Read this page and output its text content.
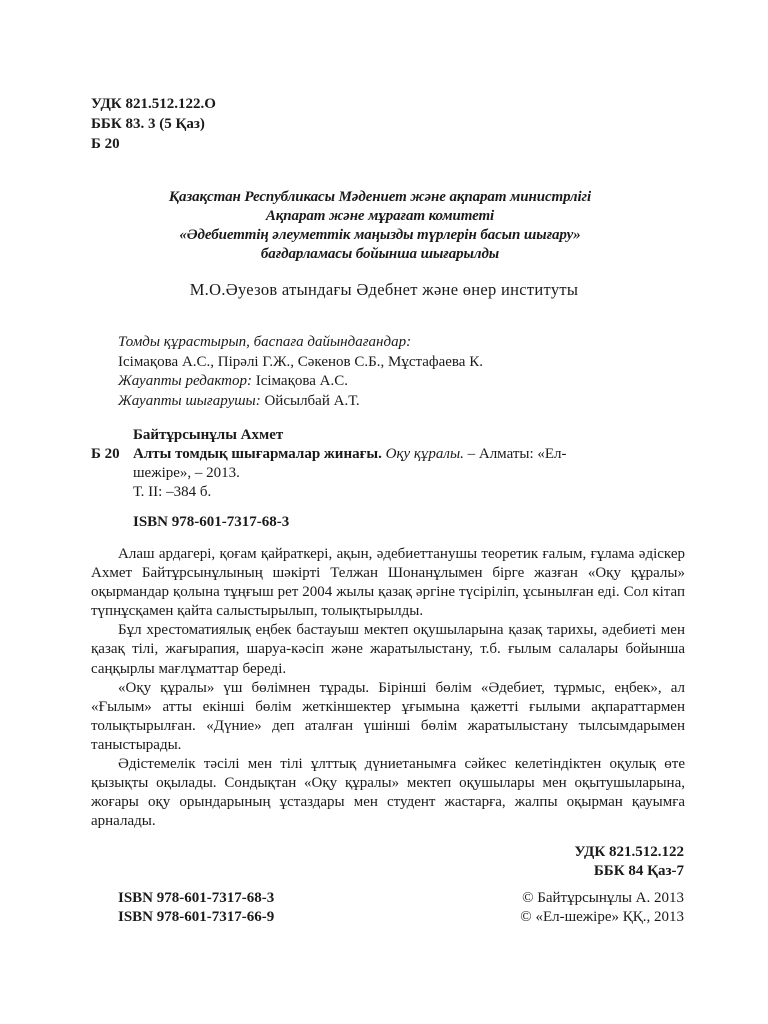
УДК 821.512.122.О
ББК 83. 3 (5 Қаз)
Б 20
Қазақстан Республикасы Мәдениет және ақпарат министрлігі
Ақпарат және мұрағат комитеті
«Әдебиеттің әлеуметтік маңызды түрлерін басып шығару»
бағдарламасы бойынша шығарылды
М.О.Әуезов атындағы Әдебнет және өнер институты
Томды құрастырып, баспаға дайындағандар:
Ісімақова А.С., Пірәлі Г.Ж., Сәкенов С.Б., Мұстафаева К.
Жауапты редактор: Ісімақова А.С.
Жауапты шығарушы: Ойсылбай А.Т.
Байтұрсынұлы Ахмет
Б 20 Алты томдық шығармалар жинағы. Оқу құралы. – Алматы: «Ел-
шежіре», – 2013.
Т. ІІ: –384 б.
ISBN 978-601-7317-68-3

Алаш ардагері, қоғам қайраткері, ақын, әдебиеттанушы теоретик ғалым, ғұлама әдіскер Ахмет Байтұрсынұлының шәкірті Телжан Шонанұлымен бірге жазған «Оқу құралы» оқырмандар қолына тұңғыш рет 2004 жылы қазақ әргіне түсіріліп, ұсынылған еді. Сол кітап түпнұсқамен қайта салыстырылып, толықтырылды.

Бұл хрестоматиялық еңбек бастауыш мектеп оқушыларына қазақ тарихы, әдебиеті мен қазақ тілі, жағырапия, шаруа-кәсіп және жаратылыстану, т.б. ғылым салалары бойынша саңқырлы мағлұматтар береді.

«Оқу құралы» үш бөлімнен тұрады. Бірінші бөлім «Әдебиет, тұрмыс, еңбек», ал «Ғылым» атты екінші бөлім жеткіншектер ұғымына қажетті ғылыми ақпараттармен толықтырылған. «Дүние» деп аталған үшінші бөлім жаратылыстану тылсымдарымен таныстырады.

Әдістемелік тәсілі мен тілі ұлттық дүниетанымға сәйкес келетіндіктен оқулық өте қызықты оқылады. Сондықтан «Оқу құралы» мектеп оқушылары мен оқытушыларына, жоғары оқу орындарының ұстаздары мен студент жастарға, жалпы оқырман қауымға арналады.

УДК 821.512.122
ББК 84 Қаз-7
ISBN 978-601-7317-68-3
ISBN 978-601-7317-66-9
© Байтұрсынұлы А. 2013
© «Ел-шежіре» ҚҚ., 2013
